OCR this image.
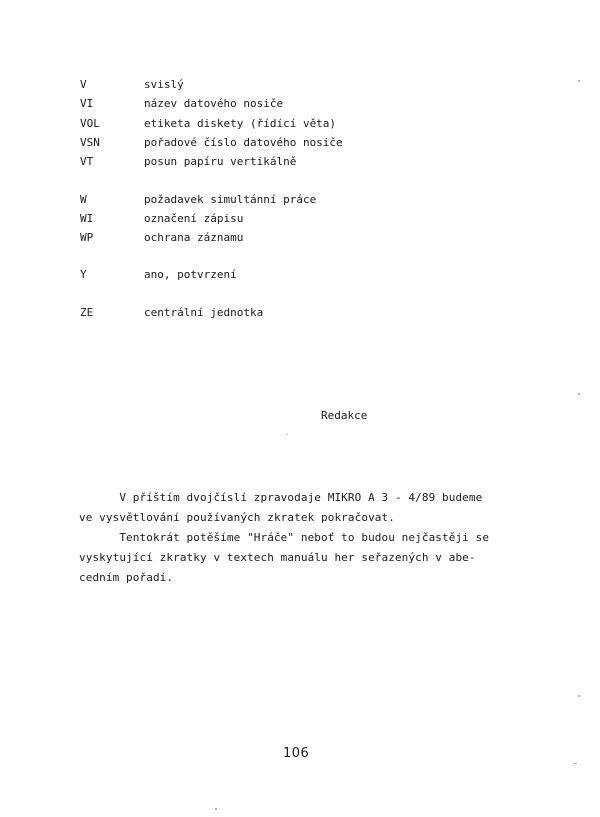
V	svislý
VI	název datového nosiče
VOL	etiketa diskety (řídící věta)
VSN	pořadové číslo datového nosiče
VT	posun papíru vertikálně
W	požadavek simultánní práce
WI	označení zápisu
WP	ochrana záznamu
Y	ano, potvrzení
ZE	centrální jednotka
Redakce
V příštím dvojčíslí zpravodaje MIKRO A 3 - 4/89 budeme
ve vysvětlování používaných zkratek pokračovat.
Tentokrát potěšíme "Hráče" neboť to budou nejčastěji se
vyskytující zkratky v textech manuálu her seřazených v abe-
cedním pořadí.
106
